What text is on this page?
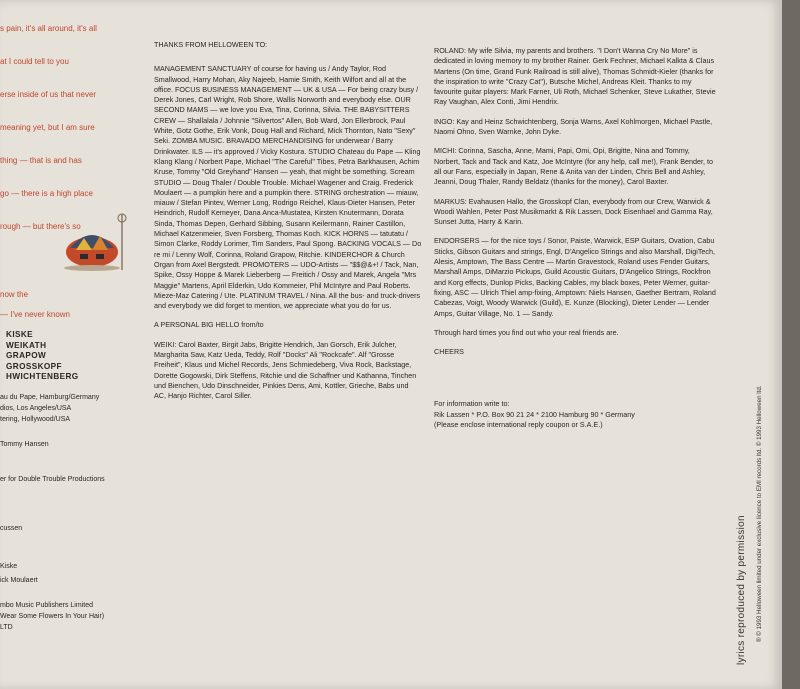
s pain, it's all around, it's all
at I could tell to you
erse inside of us that never
meaning yet, but I am sure
thing — that is and has
go — there is a high place
rough — but there's so
now the
— I've never known
KISKE
WEIKATH
GRAPOW
GROSSKOPF
HWICHTENBERG
au du Pape, Hamburg/Germany
dios, Los Angeles/USA
tering, Hollywood/USA
Tommy Hansen
er for Double Trouble Productions
cussen
Kiske
ick Moulaert
mbo Music Publishers Limited
Wear Some Flowers In Your Hair)
LTD

THANKS FROM HELLOWEEN TO:

MANAGEMENT SANCTUARY of course for having us / Andy Taylor, Rod Smallwood, Harry Mohan, Aky Najeeb, Hamie Smith, Keith Wilfort and all at the office. FOCUS BUSINESS MANAGEMENT — UK & USA — For being crazy busy / Derek Jones, Carl Wright, Rob Shore, Wallis Norworth and everybody else. OUR SECOND MAMS — we love you Eva, Tina, Corinna, Silvia. THE BABYSITTERS CREW — Shallalala / Johnnie "Silvertos" Allen, Bob Ward, Jon Ellerbrock, Paul White, Gotz Gothe, Erik Vonk, Doug Hall and Richard, Mick Thornton, Nato "Sexy" Seki. ZOMBA MUSIC. BRAVADO MERCHANDISING for underwear / Barry Drinkwater. ILS — it's approved / Vicky Kostura. STUDIO Chateau du Pape — Kling Klang Klang / Norbert Pape, Michael "The Careful" Tibes, Petra Barkhausen, Achim Kruse, Tommy "Old Greyhand" Hansen — yeah, that might be something. Scream STUDIO — Doug Thaler / Double Trouble. Michael Wagener and Craig. Frederick Moulaert — a pumpkin here and a pumpkin there. STRING orchestration — miauw, miauw / Stefan Pintev, Werner Long, Rodrigo Reichel, Klaus-Dieter Hansen, Peter Heindrich, Rudolf Kemeyer, Dana Anca-Mustatea, Kirsten Knutermann, Dorata Sinda, Thomas Depen, Gerhard Sibbing, Susann Keilermann, Rainer Castillon, Michael Katzenmeier, Sven Forsberg, Thomas Koch. KICK HORNS — tatutatu / Simon Clarke, Roddy Lorimer, Tim Sanders, Paul Spong. BACKING VOCALS — Do re mi / Lenny Wolf, Corinna, Roland Grapow, Ritchie. KINDERCHOR & Church Organ from Axel Bergstedt. PROMOTERS — UDO-Artists — "$$@&+! / Tack, Nan, Spike, Ossy Hoppe & Marek Lieberberg — Freitich / Ossy and Marek, Angela "Mrs Maggie" Martens, April Elderkin, Udo Kommeier, Phil McIntyre and Paul Roberts. Mieze-Maz Catering / Ute. PLATINUM TRAVEL / Nina. All the bus- and truck-drivers and everybody we did forget to mention, we appreciate what you do for us.

A PERSONAL BIG HELLO from/to

WEIKI: Carol Baxter, Birgit Jabs, Brigitte Hendrich, Jan Gorsch, Erik Julcher, Margharita Saw, Katz Ueda, Teddy, Rolf "Docks" Ali "Rockcafe". Alf "Grosse Freiheit", Klaus und Michel Records, Jens Schmiedeberg, Viva Rock, Backstage, Dorette Gogowski, Dirk Steffens, Ritchie und die Schaffner und Kathanna, Tinchen und Bienchen, Udo Dinschneider, Pinkies Dens, Ami, Kottler, Grieche, Babs und AC, Hanjo Richter, Carol Siller.

ROLAND: My wife Silvia, my parents and brothers. "I Don't Wanna Cry No More" is dedicated in loving memory to my brother Rainer. Gerk Fechner, Michael Kalkta & Claus Martens (On time, Grand Funk Railroad is still alive), Thomas Schmidt-Kieler (thanks for the inspiration to write "Crazy Cat"), Butsche Michel, Andreas Kleit. Thanks to my favourite guitar players: Mark Farner, Uli Roth, Michael Schenker, Steve Lukather, Stevie Ray Vaughan, Alex Conti, Jimi Hendrix.

INGO: Kay and Heinz Schwichtenberg, Sonja Warns, Axel Kohlmorgen, Michael Pastle, Naomi Ohno, Sven Warnke, John Dyke.

MICHI: Corinna, Sascha, Anne, Mami, Papi, Omi, Opi, Brigitte, Nina and Tommy, Norbert, Tack and Tack and Katz, Joe McIntyre (for any help, call me!), Frank Bender, to all our Fans, especially in Japan, Rene & Anita van der Linden, Chris Bell and Ashley, Jeanni, Doug Thaler, Randy Beldatz (thanks for the money), Carol Baxter.

MARKUS: Evahausen Hallo, the Grosskopf Clan, everybody from our Crew, Warwick & Woodi Wahlen, Peter Post Musikmarkt & Rik Lassen, Dock Eisenhael and Gamma Ray, Sunset Jutta, Harry & Karin.

ENDORSERS — for the nice toys / Sonor, Paiste, Warwick, ESP Guitars, Ovation, Cabu Sticks, Gibson Guitars and strings, Engl, D'Angelico Strings and also Marshall, DigiTech, Alesis, Amptown, The Bass Centre — Martin Gravestock, Roland uses Fender Guitars, Marshall Amps, DiMarzio Pickups, Guild Acoustic Guitars, D'Angelico Strings, Rockfron and Korg effects, Dunlop Picks, Backing Cables, my black boxes, Peter Werner, guitar-fixing, ASC — Ulrich Thiel amp-fixing, Amptown: Niels Hansen, Gaether Bertram, Roland Cabezas, Voigt, Woody Warwick (Guild), E. Kunze (Blocking), Dieter Lender — Lender Amps, Guitar Village, No. 1 — Sandy.

Through hard times you find out who your real friends are.

CHEERS

For information write to:

Rik Lassen * P.O. Box 90 21 24 * 2100 Hamburg 90 * Germany

(Please enclose international reply coupon or S.A.E.)

lyrics reproduced by permission ® © 1993 Helloween limited under exclusive licence to EMI records ltd. © 1993 Helloween ltd.
